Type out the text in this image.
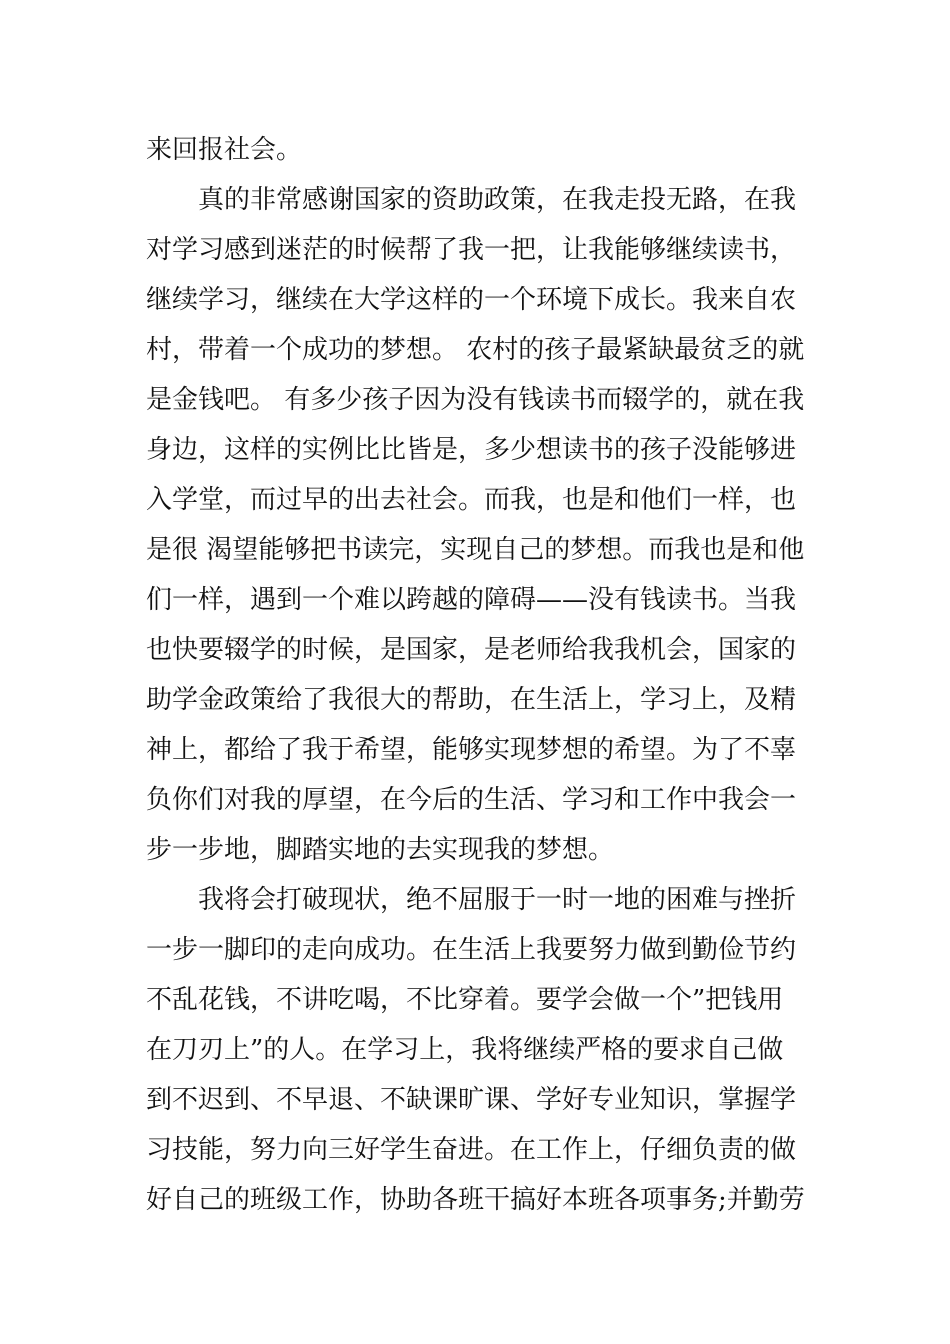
来回报社会。
　　真的非常感谢国家的资助政策，在我走投无路，在我
对学习感到迷茫的时候帮了我一把，让我能够继续读书，
继续学习，继续在大学这样的一个环境下成长。我来自农
村，带着一个成功的梦想。 农村的孩子最紧缺最贫乏的就
是金钱吧。 有多少孩子因为没有钱读书而辍学的，就在我
身边，这样的实例比比皆是，多少想读书的孩子没能够进
入学堂，而过早的出去社会。而我，也是和他们一样，也
是很 渴望能够把书读完，实现自己的梦想。而我也是和他
们一样，遇到一个难以跨越的障碍——没有钱读书。当我
也快要辍学的时候，是国家，是老师给我我机会，国家的
助学金政策给了我很大的帮助，在生活上，学习上，及精
神上，都给了我于希望，能够实现梦想的希望。为了不辜
负你们对我的厚望，在今后的生活、学习和工作中我会一
步一步地，脚踏实地的去实现我的梦想。
　　我将会打破现状，绝不屈服于一时一地的困难与挫折
一步一脚印的走向成功。在生活上我要努力做到勤俭节约
不乱花钱，不讲吃喝，不比穿着。要学会做一个”把钱用
在刀刃上”的人。在学习上，我将继续严格的要求自己做
到不迟到、不早退、不缺课旷课、学好专业知识，掌握学
习技能，努力向三好学生奋进。在工作上，仔细负责的做
好自己的班级工作，协助各班干搞好本班各项事务;并勤劳
